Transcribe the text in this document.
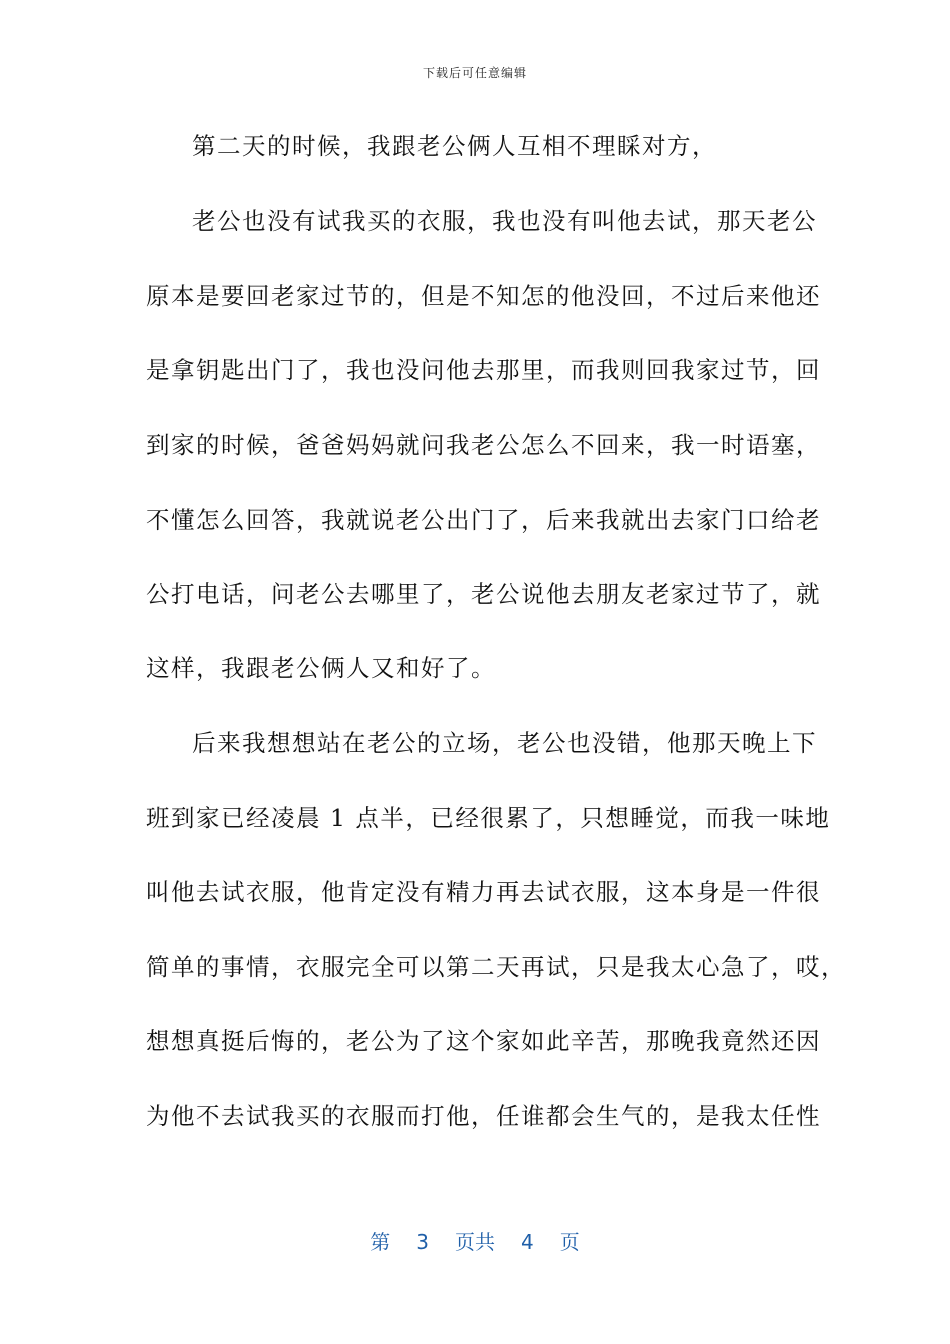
下载后可任意编辑
第二天的时候，我跟老公俩人互相不理睬对方，
老公也没有试我买的衣服，我也没有叫他去试，那天老公
原本是要回老家过节的，但是不知怎的他没回，不过后来他还
是拿钥匙出门了，我也没问他去那里，而我则回我家过节，回
到家的时候，爸爸妈妈就问我老公怎么不回来，我一时语塞，
不懂怎么回答，我就说老公出门了，后来我就出去家门口给老
公打电话，问老公去哪里了，老公说他去朋友老家过节了，就
这样，我跟老公俩人又和好了。
后来我想想站在老公的立场，老公也没错，他那天晚上下
班到家已经凌晨 1 点半，已经很累了，只想睡觉，而我一味地
叫他去试衣服，他肯定没有精力再去试衣服，这本身是一件很
简单的事情，衣服完全可以第二天再试，只是我太心急了，哎，
想想真挺后悔的，老公为了这个家如此辛苦，那晚我竟然还因
为他不去试我买的衣服而打他，任谁都会生气的，是我太任性
第 3 页共 4 页
